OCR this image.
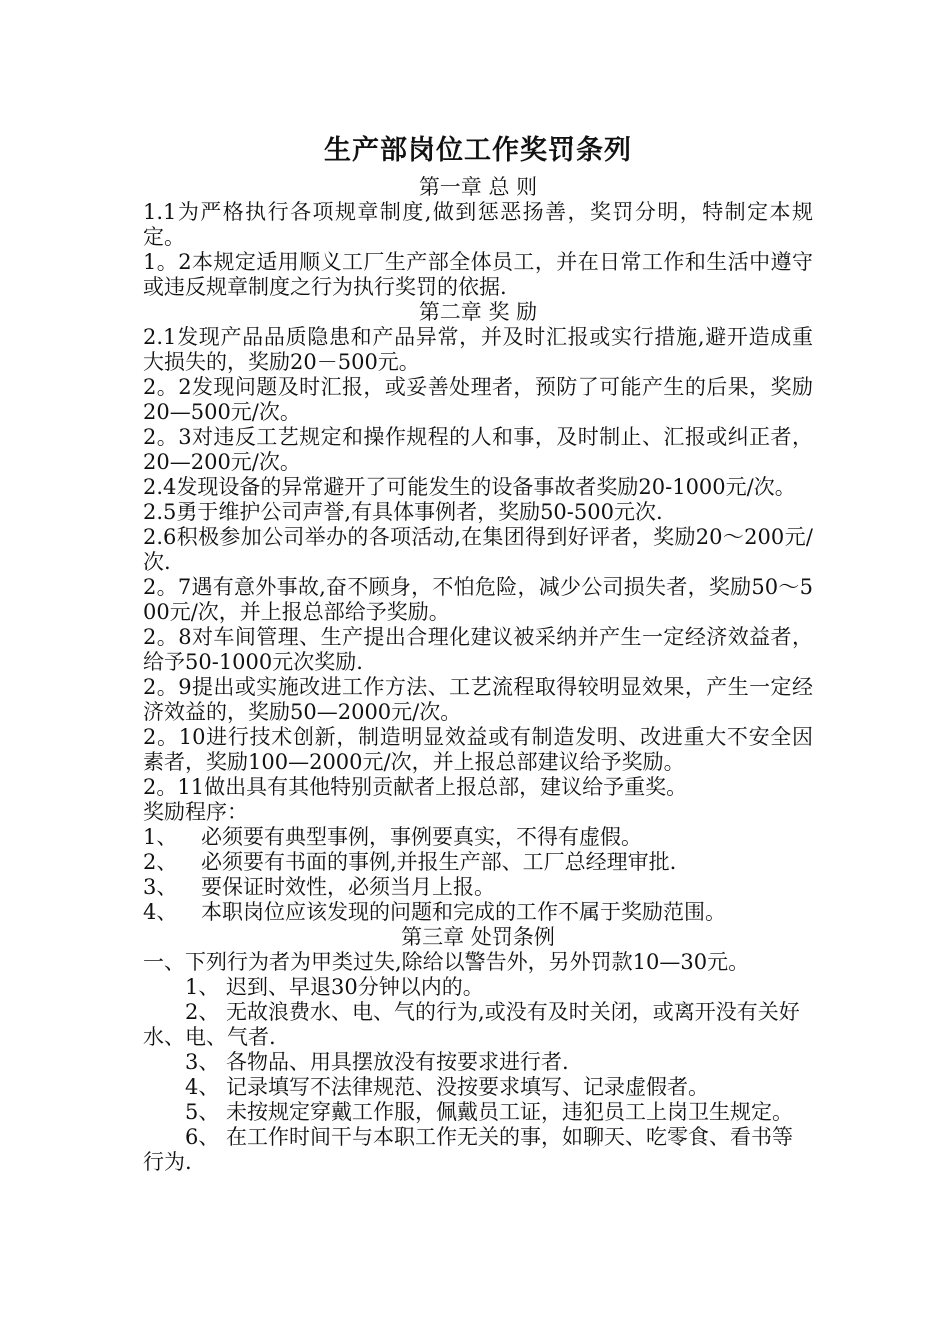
生产部岗位工作奖罚条列
第一章 总 则

1.1为严格执行各项规章制度,做到惩恶扬善，奖罚分明，特制定本规定。

1。2本规定适用顺义工厂生产部全体员工，并在日常工作和生活中遵守或违反规章制度之行为执行奖罚的依据.

第二章 奖 励

2.1发现产品品质隐患和产品异常，并及时汇报或实行措施,避开造成重大损失的，奖励20－500元。

2。2发现问题及时汇报，或妥善处理者，预防了可能产生的后果，奖励20—500元/次。

2。3对违反工艺规定和操作规程的人和事，及时制止、汇报或纠正者， 20—200元/次。

2.4发现设备的异常避开了可能发生的设备事故者奖励20-1000元/次。

2.5勇于维护公司声誉,有具体事例者，奖励50-500元次.

2.6积极参加公司举办的各项活动,在集团得到好评者，奖励20～200元/次.

2。7遇有意外事故,奋不顾身，不怕危险，减少公司损失者，奖励50～500元/次，并上报总部给予奖励。

2。8对车间管理、生产提出合理化建议被采纳并产生一定经济效益者，给予50-1000元次奖励.

2。9提出或实施改进工作方法、工艺流程取得较明显效果，产生一定经济效益的，奖励50—2000元/次。

2。10进行技术创新，制造明显效益或有制造发明、改进重大不安全因素者，奖励100—2000元/次，并上报总部建议给予奖励。

2。11做出具有其他特别贡献者上报总部，建议给予重奖。

奖励程序：

1、	必须要有典型事例，事例要真实，不得有虚假。
2、	必须要有书面的事例,并报生产部、工厂总经理审批.
3、	要保证时效性，必须当月上报。
4、	本职岗位应该发现的问题和完成的工作不属于奖励范围。
第三章 处罚条例

一、下列行为者为甲类过失,除给以警告外，另外罚款10—30元。

1、 迟到、早退30分钟以内的。

2、 无故浪费水、电、气的行为,或没有及时关闭，或离开没有关好水、电、气者.

3、 各物品、用具摆放没有按要求进行者.

4、 记录填写不法律规范、没按要求填写、记录虚假者。

5、 未按规定穿戴工作服，佩戴员工证，违犯员工上岗卫生规定。

6、 在工作时间干与本职工作无关的事，如聊天、吃零食、看书等行为.
